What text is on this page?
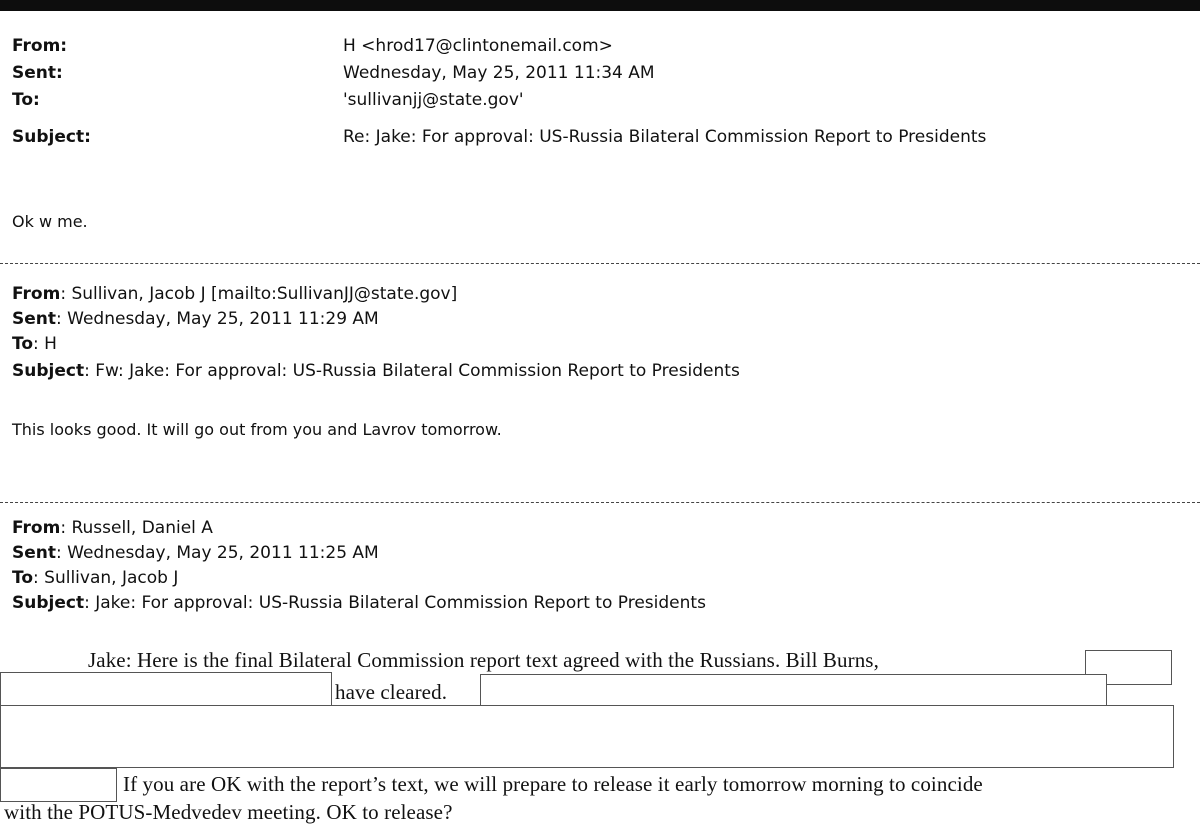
From:	H <hrod17@clintonemail.com>
Sent:	Wednesday, May 25, 2011 11:34 AM
To:	'sullivanjj@state.gov'
Subject:	Re: Jake: For approval: US-Russia Bilateral Commission Report to Presidents
Ok w me.
From: Sullivan, Jacob J [mailto:SullivanJJ@state.gov]
Sent: Wednesday, May 25, 2011 11:29 AM
To: H
Subject: Fw: Jake: For approval: US-Russia Bilateral Commission Report to Presidents
This looks good. It will go out from you and Lavrov tomorrow.
From: Russell, Daniel A
Sent: Wednesday, May 25, 2011 11:25 AM
To: Sullivan, Jacob J
Subject: Jake: For approval: US-Russia Bilateral Commission Report to Presidents
Jake: Here is the final Bilateral Commission report text agreed with the Russians. Bill Burns,
have cleared.
If you are OK with the report’s text, we will prepare to release it early tomorrow morning to coincide
with the POTUS-Medvedev meeting. OK to release?
